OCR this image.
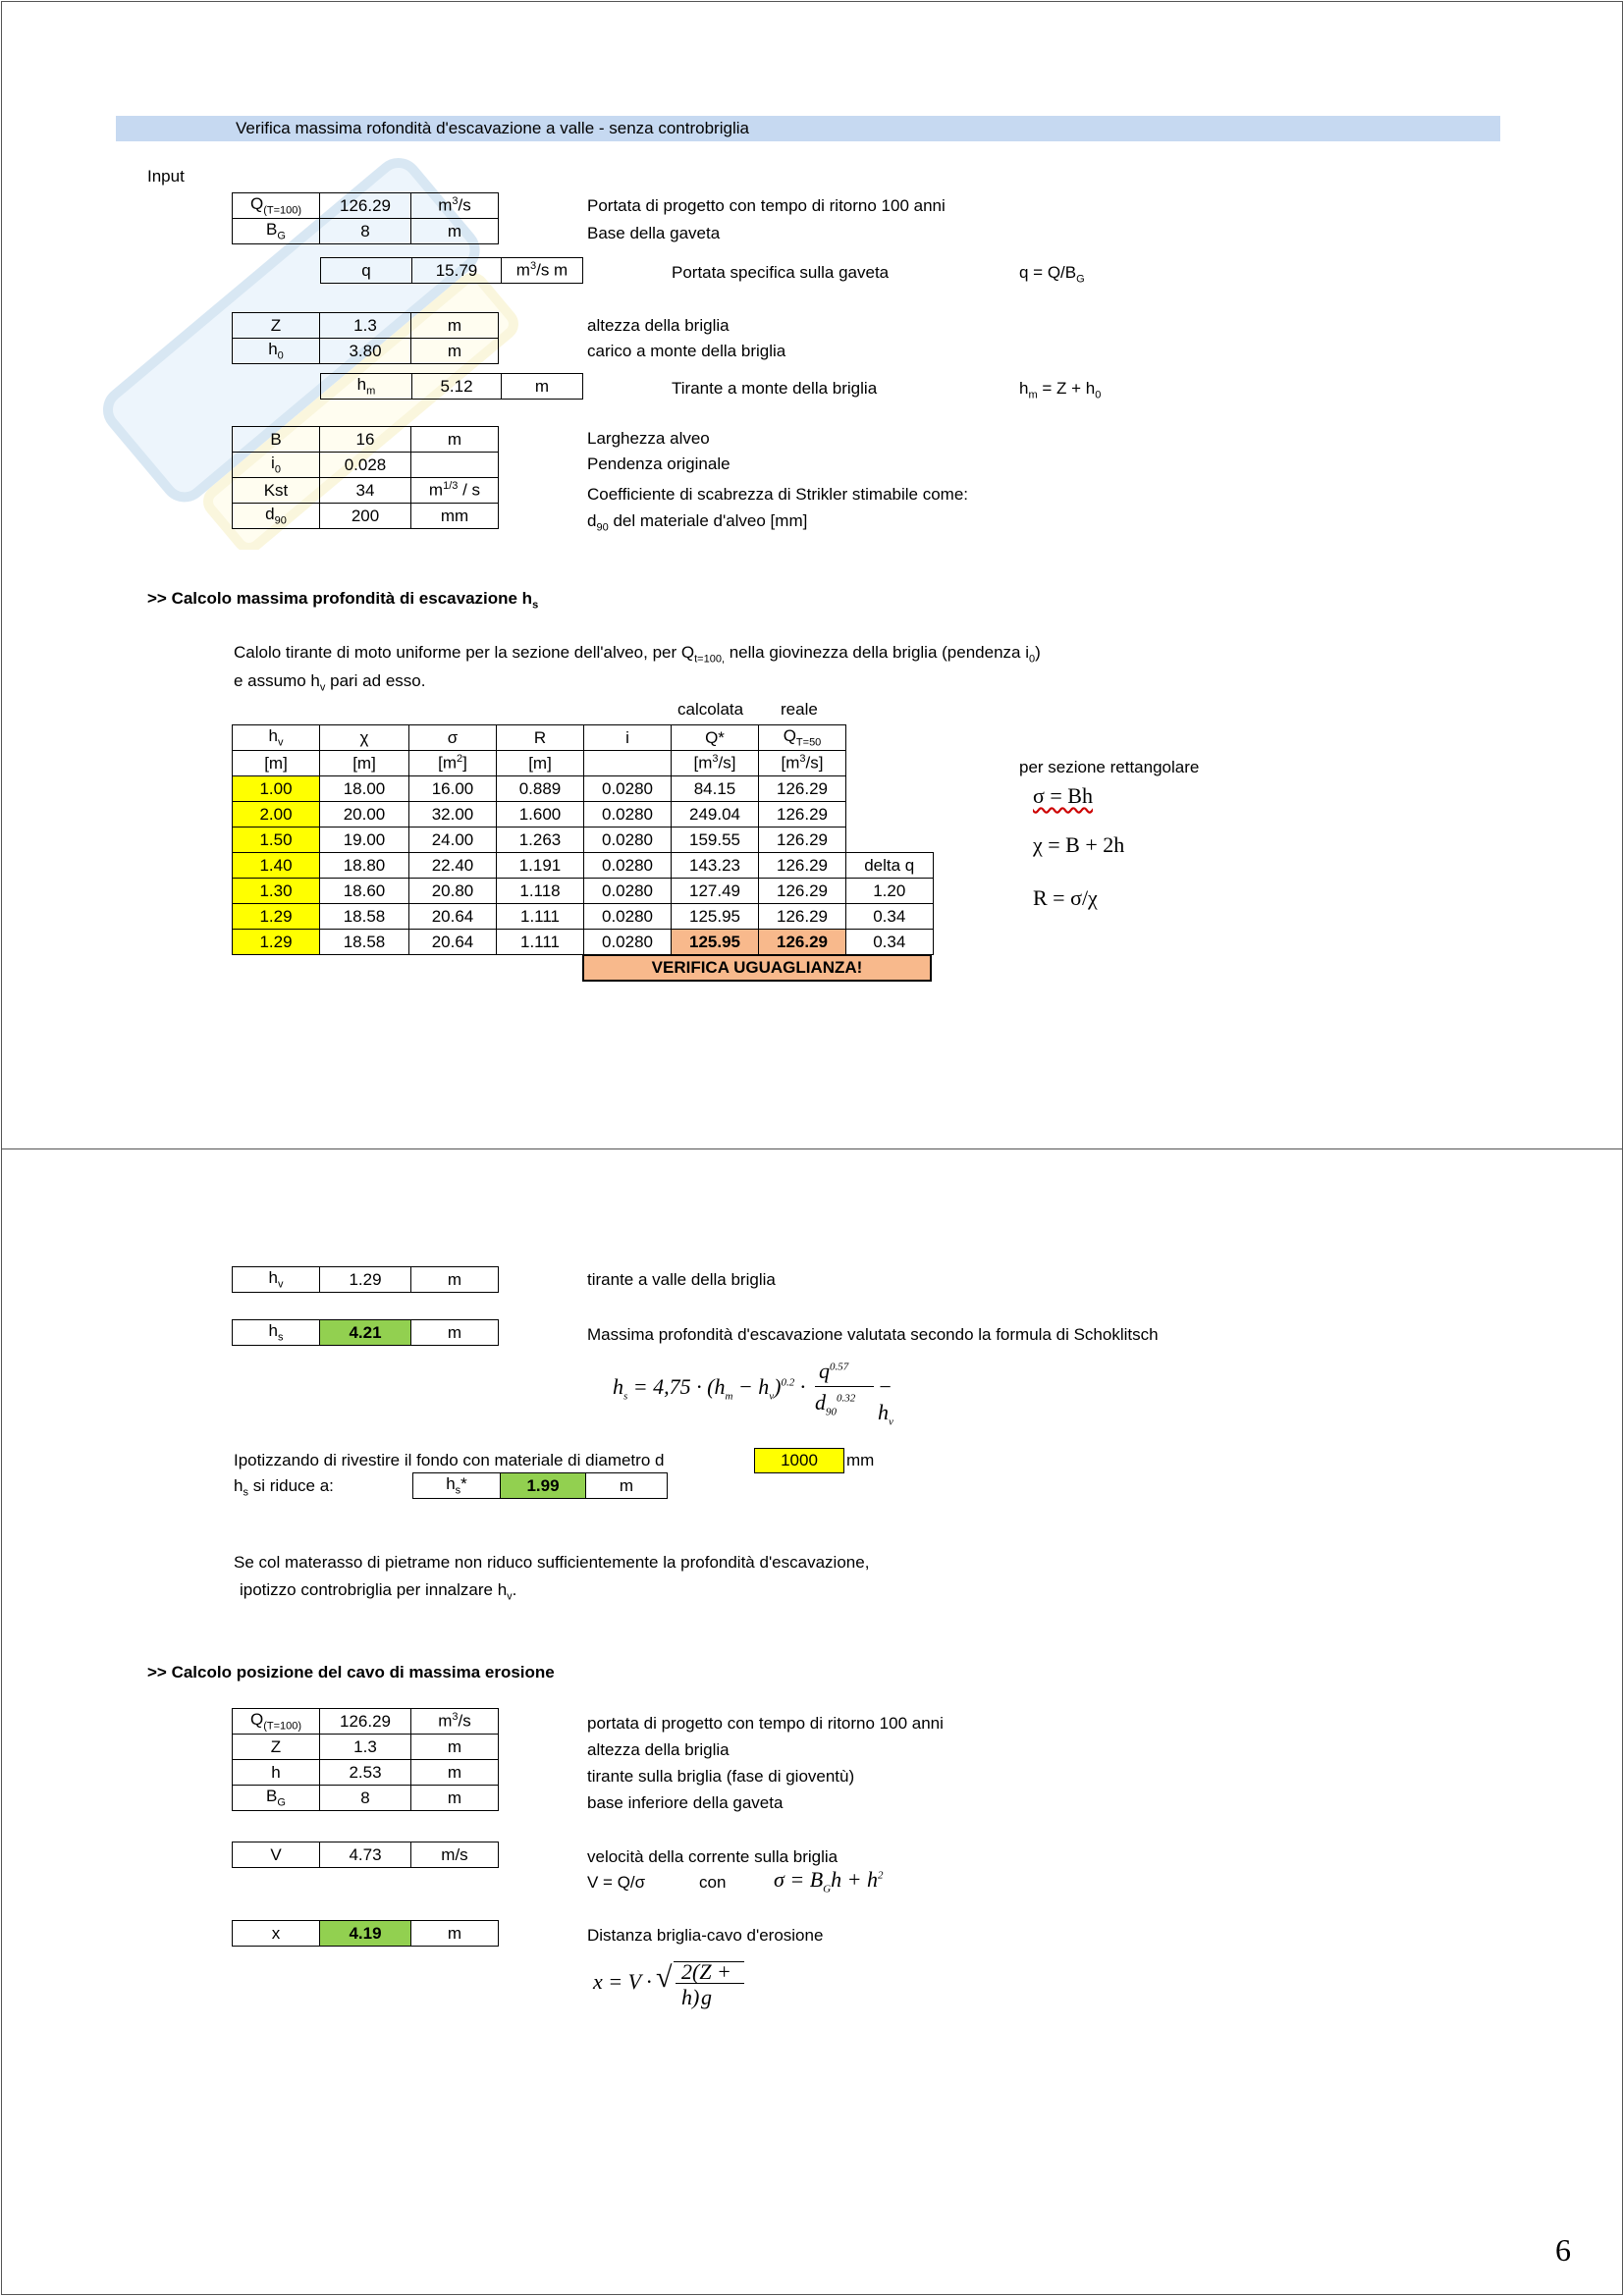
Verifica massima rofondità d'escavazione a valle - senza controbriglia
Input
$Q_{(T=100)}$	126.29	$m^3/s$
$B_G$	8	m
Portata di progetto con tempo di ritorno 100 anni
Base della gaveta
q	15.79	$m^3/s$ m	Portata specifica sulla gaveta	$q = Q/B_G$
Z	1.3	m
$h_0$	3.80	m
altezza della briglia
carico a monte della briglia
$h_m$	5.12	m	Tirante a monte della briglia	$h_m = Z + h_0$
B	16	m
$i_0$	0.028	
Kst	34	$m^{1/3}$ / s
$d_{90}$	200	mm
Larghezza alveo
Pendenza originale
Coefficiente di scabrezza di Strikler stimabile come:
$d_{90}$ del materiale d'alveo [mm]
>> Calcolo massima profondità di escavazione $h_s$
Calolo tirante di moto uniforme per la sezione dell'alveo, per $Q_{t=100,}$ nella giovinezza della briglia (pendenza $i_0$)
e assumo $h_v$ pari ad esso.
calcolata reale
$h_v$	χ	σ	R	i	Q*	$Q_{T=50}$	
[m]	[m]	$[m^2]$	[m]		$[m^3/s]$	$[m^3/s]$	
1.00	18.00	16.00	0.889	0.0280	84.15	126.29	
2.00	20.00	32.00	1.600	0.0280	249.04	126.29	
1.50	19.00	24.00	1.263	0.0280	159.55	126.29	
1.40	18.80	22.40	1.191	0.0280	143.23	126.29	delta q
1.30	18.60	20.80	1.118	0.0280	127.49	126.29	1.20
1.29	18.58	20.64	1.111	0.0280	125.95	126.29	0.34
1.29	18.58	20.64	1.111	0.0280	125.95	126.29	0.34
VERIFICA UGUAGLIANZA!
per sezione rettangolare
σ = Bh
χ = B + 2h
R = σ/χ
$h_v$	1.29	m	tirante a valle della briglia
$h_s$	4.21	m	Massima profondità d'escavazione valutata secondo la formula di Schoklitsch
$h_s = 4,75 \cdot (h_m - h_v)^{0.2}$ ·
$q^{0.57}$
$d_{90}^{0.32} - h_v$
Ipotizzando di rivestire il fondo con materiale di diametro d	1000	mm
$h_s$ si riduce a:	$h_s*$	1.99	m
Se col materasso di pietrame non riduco sufficientemente la profondità d'escavazione,
ipotizzo controbriglia per innalzare $h_v$.
>> Calcolo posizione del cavo di massima erosione
$Q_{(T=100)}$	126.29	$m^3/s$
Z	1.3	m
h	2.53	m
$B_G$	8	m
portata di progetto con tempo di ritorno 100 anni
altezza della briglia
tirante sulla briglia (fase di gioventù)
base inferiore della gaveta
V	4.73	m/s	velocità della corrente sulla briglia
V = Q/σ	con $\sigma = B_Gh + h^2$
x	4.19	m	Distanza briglia-cavo d'erosione
x = V · √ 2(Z + h) g
6
